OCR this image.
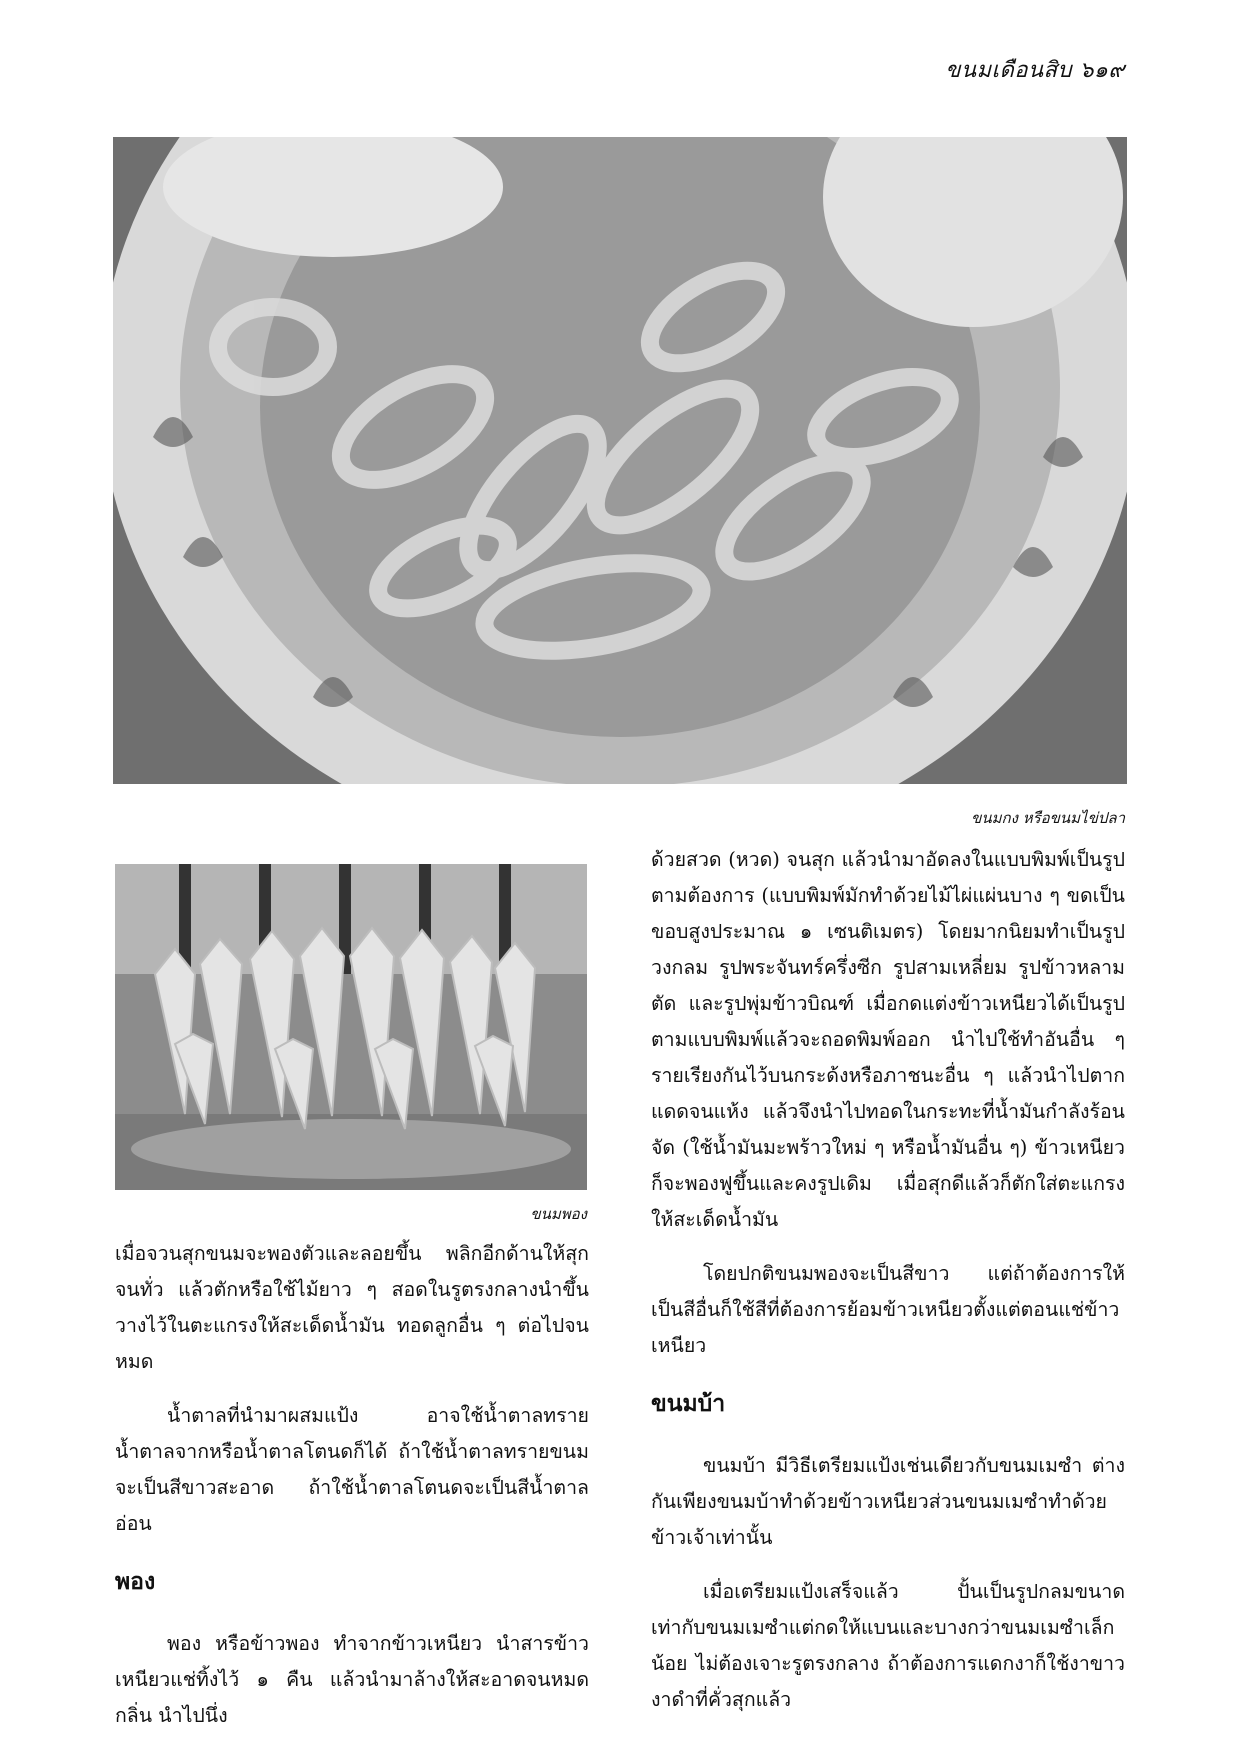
ขนมเดือนสิบ ๖๑๙
ขนมกง หรือขนมไข่ปลา
ขนมพอง

ด้วยสวด (หวด) จนสุก แล้วนำมาอัดลงในแบบพิมพ์เป็นรูปตามต้องการ (แบบพิมพ์มักทำด้วยไม้ไผ่แผ่นบาง ๆ ขดเป็นขอบสูงประมาณ ๑ เซนติเมตร) โดยมากนิยมทำเป็นรูปวงกลม รูปพระจันทร์ครึ่งซีก รูปสามเหลี่ยม รูปข้าวหลามตัด และรูปพุ่มข้าวบิณฑ์ เมื่อกดแต่งข้าวเหนียวได้เป็นรูปตามแบบพิมพ์แล้วจะถอดพิมพ์ออก นำไปใช้ทำอันอื่น ๆ รายเรียงกันไว้บนกระด้งหรือภาชนะอื่น ๆ แล้วนำไปตากแดดจนแห้ง แล้วจึงนำไปทอดในกระทะที่น้ำมันกำลังร้อนจัด (ใช้น้ำมันมะพร้าวใหม่ ๆ หรือน้ำมันอื่น ๆ) ข้าวเหนียวก็จะพองฟูขึ้นและคงรูปเดิม เมื่อสุกดีแล้วก็ตักใส่ตะแกรงให้สะเด็ดน้ำมัน

โดยปกติขนมพองจะเป็นสีขาว แต่ถ้าต้องการให้เป็นสีอื่นก็ใช้สีที่ต้องการย้อมข้าวเหนียวตั้งแต่ตอนแช่ข้าวเหนียว

ขนมบ้า

ขนมบ้า มีวิธีเตรียมแป้งเช่นเดียวกับขนมเมซำ ต่างกันเพียงขนมบ้าทำด้วยข้าวเหนียวส่วนขนมเมซำทำด้วยข้าวเจ้าเท่านั้น

เมื่อเตรียมแป้งเสร็จแล้ว ปั้นเป็นรูปกลมขนาดเท่ากับขนมเมซำแต่กดให้แบนและบางกว่าขนมเมซำเล็กน้อย ไม่ต้องเจาะรูตรงกลาง ถ้าต้องการแดกงาก็ใช้งาขาวงาดำที่คั่วสุกแล้ว

เมื่อจวนสุกขนมจะพองตัวและลอยขึ้น พลิกอีกด้านให้สุกจนทั่ว แล้วตักหรือใช้ไม้ยาว ๆ สอดในรูตรงกลางนำขึ้นวางไว้ในตะแกรงให้สะเด็ดน้ำมัน ทอดลูกอื่น ๆ ต่อไปจนหมด

น้ำตาลที่นำมาผสมแป้ง อาจใช้น้ำตาลทราย น้ำตาลจากหรือน้ำตาลโตนดก็ได้ ถ้าใช้น้ำตาลทรายขนมจะเป็นสีขาวสะอาด ถ้าใช้น้ำตาลโตนดจะเป็นสีน้ำตาลอ่อน

พอง

พอง หรือข้าวพอง ทำจากข้าวเหนียว นำสารข้าวเหนียวแช่ทิ้งไว้ ๑ คืน แล้วนำมาล้างให้สะอาดจนหมดกลิ่น นำไปนึ่ง
